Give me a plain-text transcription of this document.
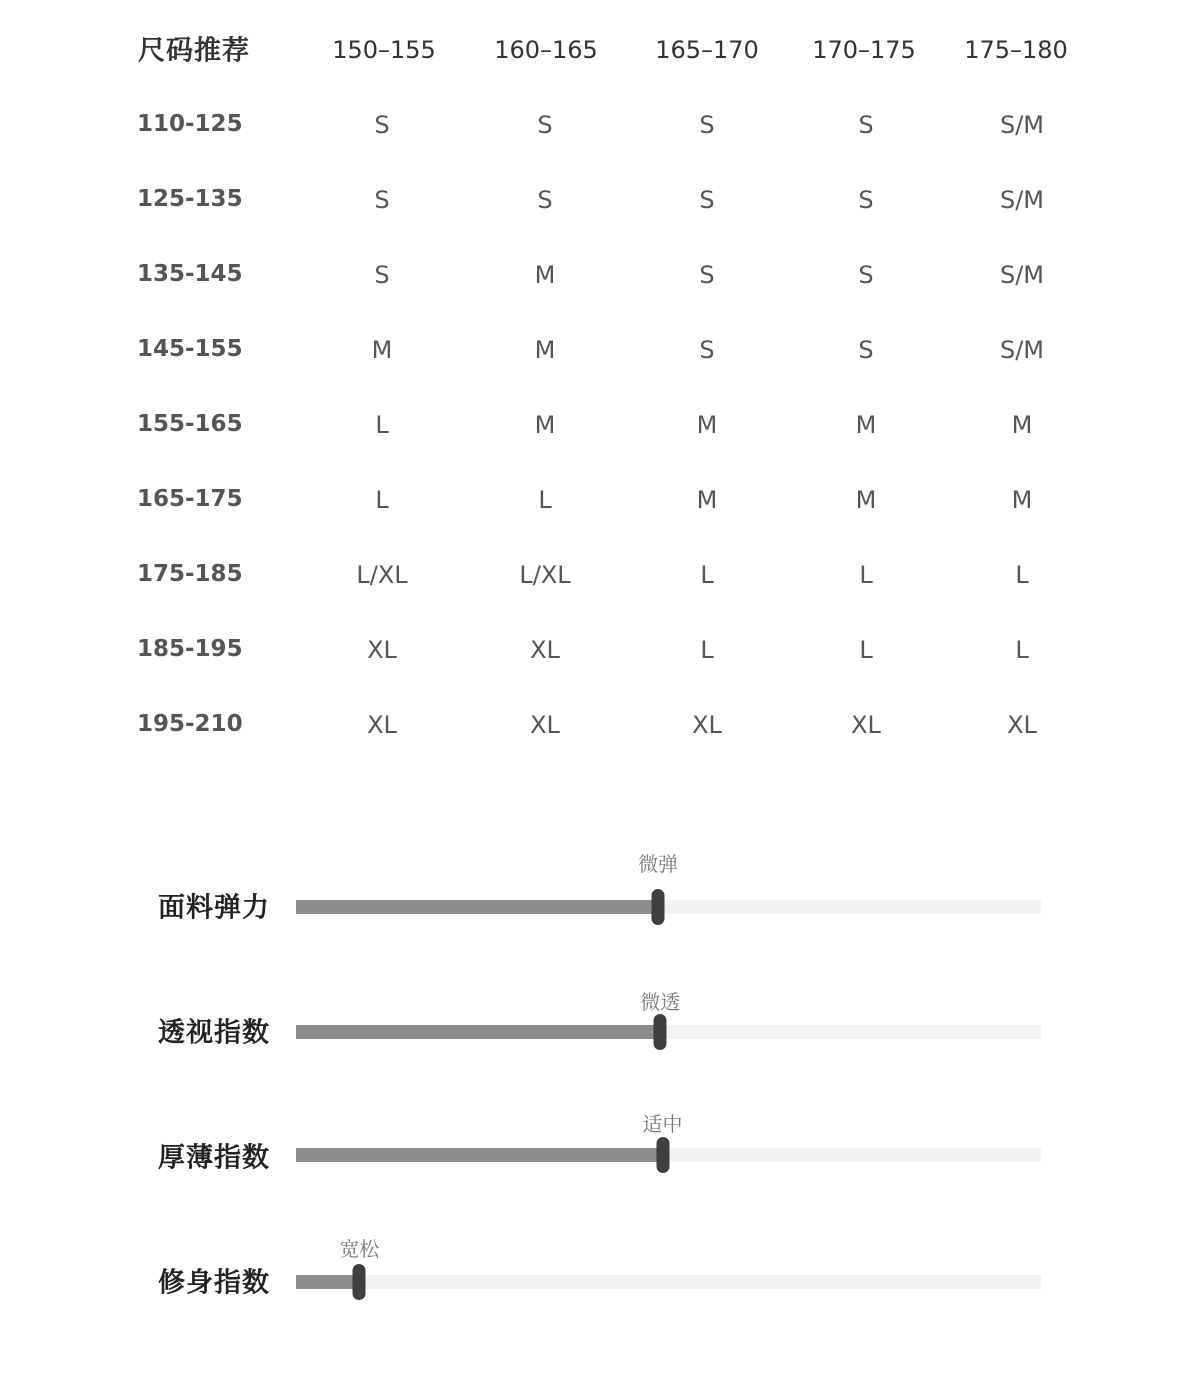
尺码推荐	150–155 160–165 165–170 170–175 175–180
110-125	S	S	S	S	S/M
125-135	S	S	S	S	S/M
135-145	S	M	S	S	S/M
145-155	M	M	S	S	S/M
155-165	L	M	M	M	M
165-175	L	L	M	M	M
175-185	L/XL	L/XL	L	L	L
185-195	XL	XL	L	L	L
195-210	XL	XL	XL	XL	XL
面料弹力
微弹
透视指数
微透
厚薄指数
适中
修身指数
宽松
